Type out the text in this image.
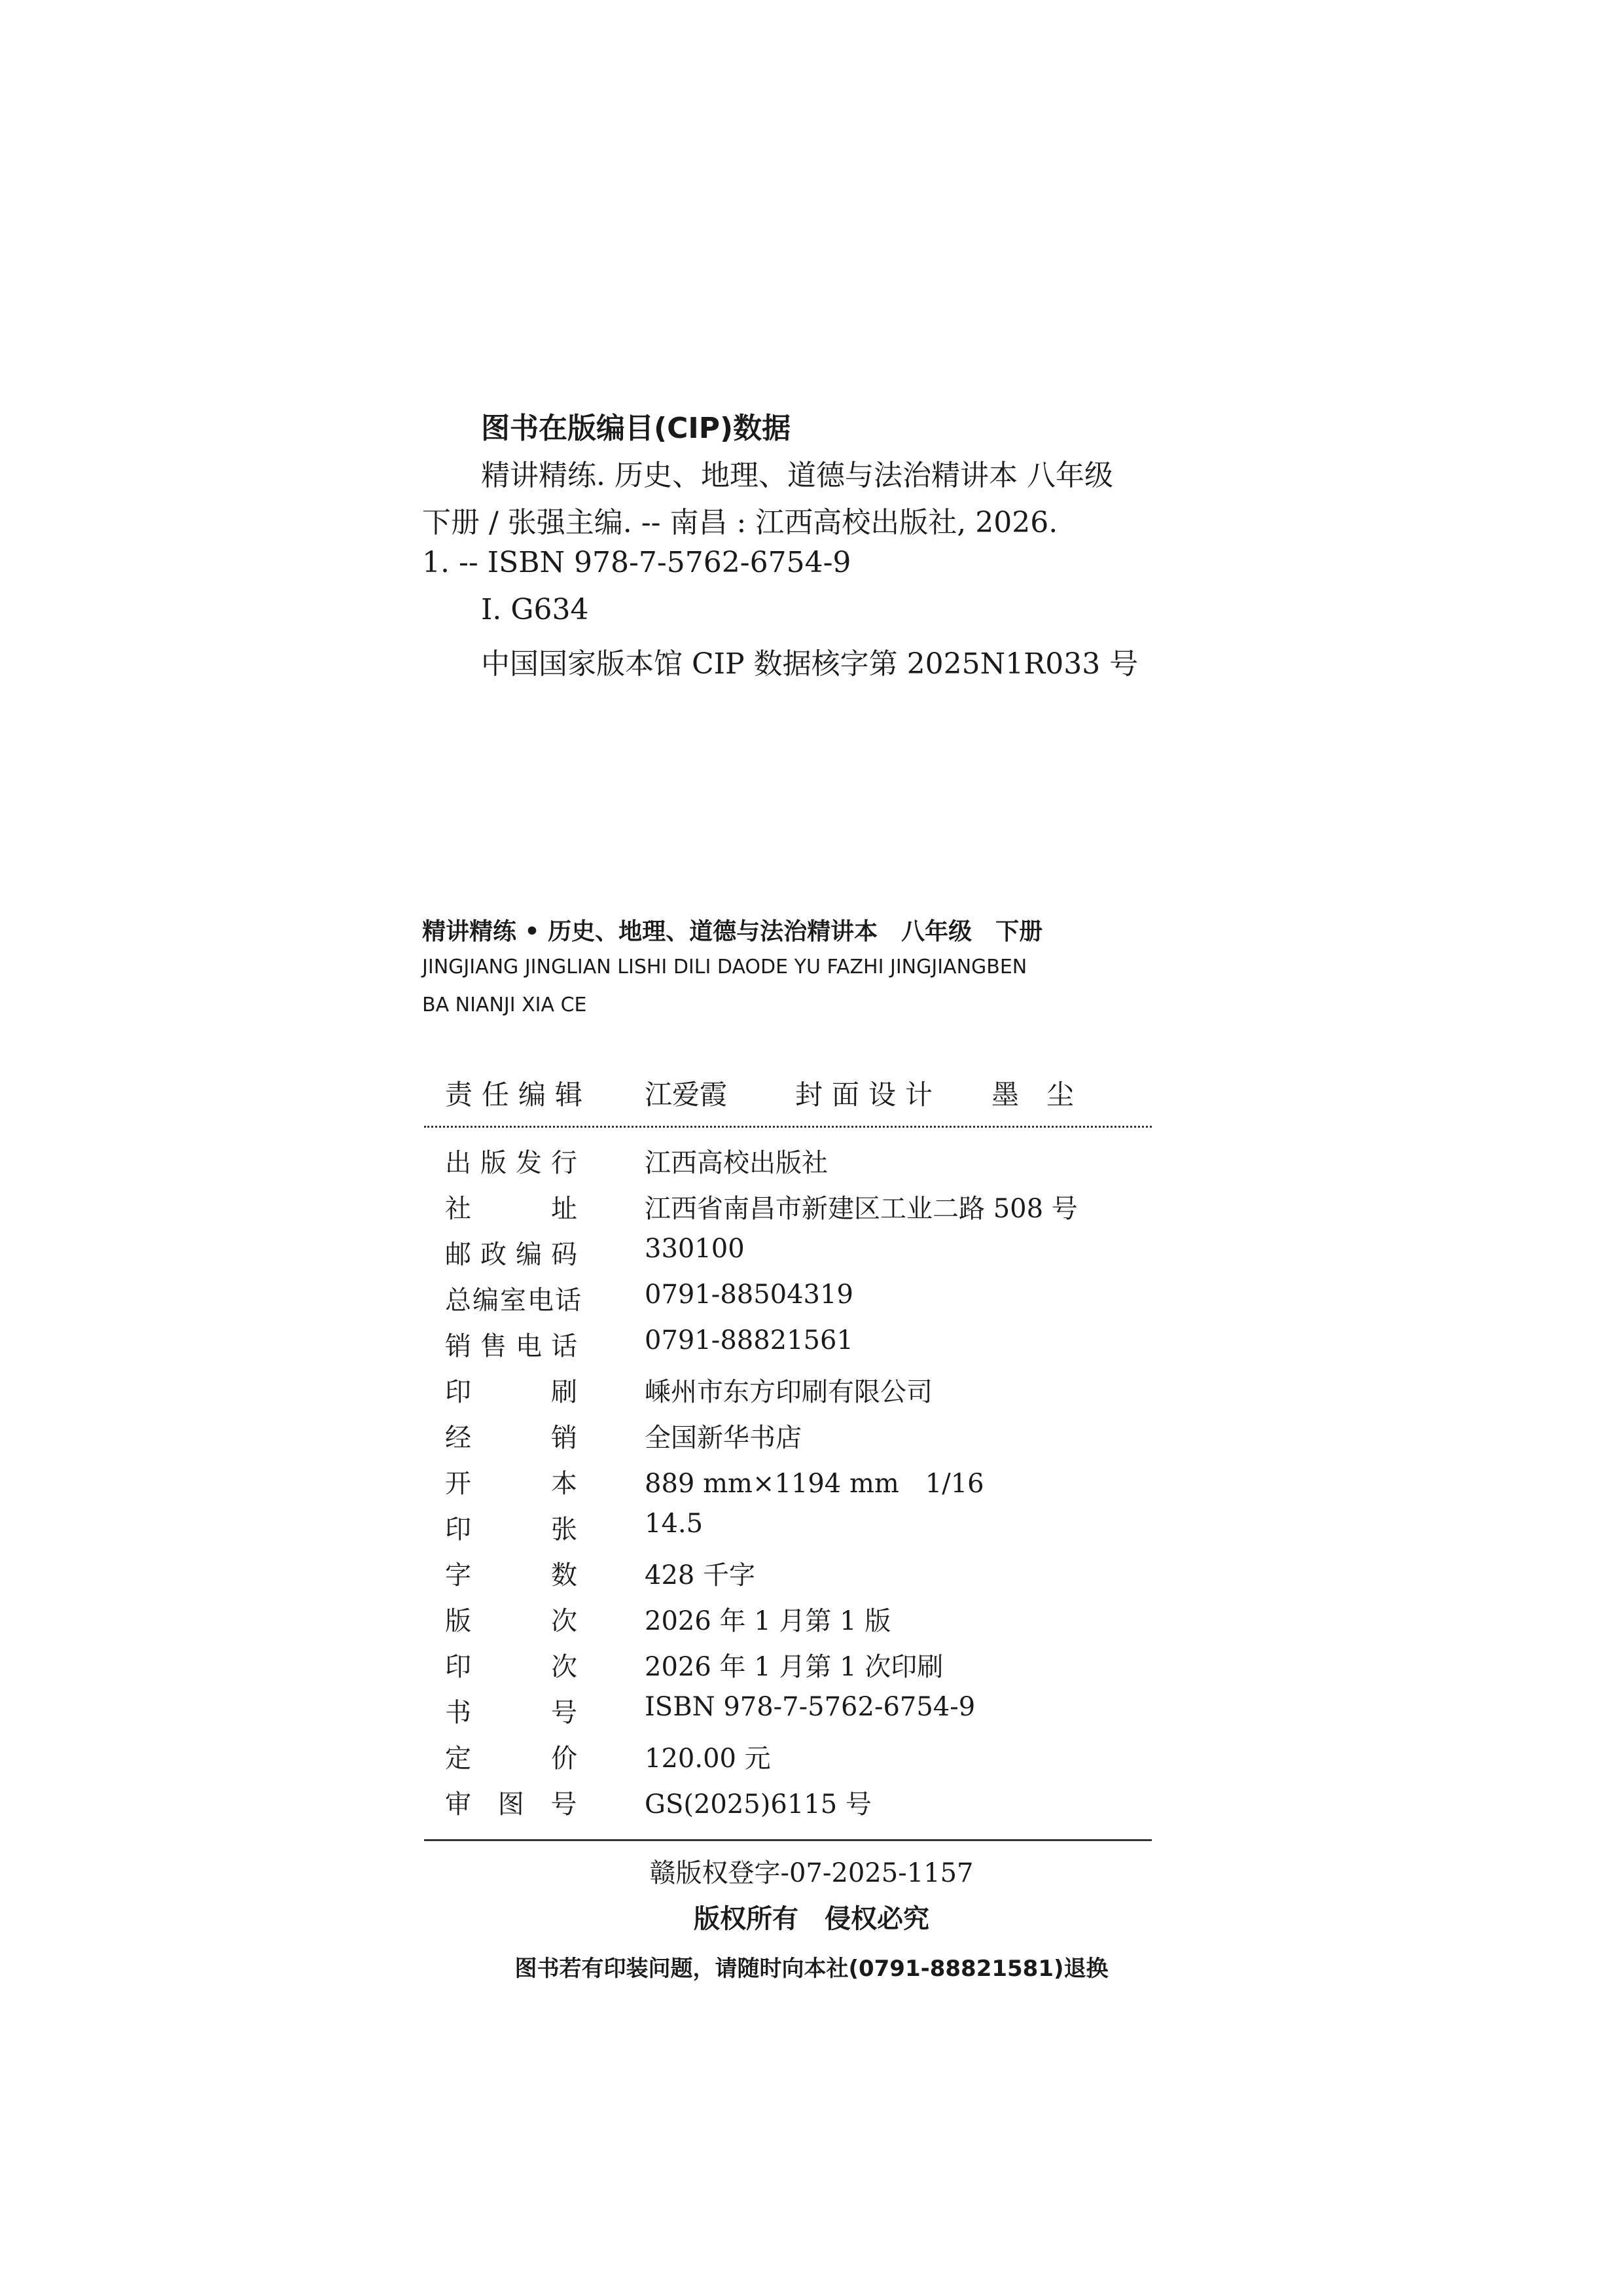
图书在版编目(CIP)数据
精讲精练. 历史、地理、道德与法治精讲本 八年级
下册 / 张强主编. -- 南昌 : 江西高校出版社, 2026.
1. -- ISBN 978-7-5762-6754-9
Ⅰ. G634
中国国家版本馆 CIP 数据核字第 2025N1R033 号
精讲精练 • 历史、地理、道德与法治精讲本　八年级　下册
JINGJIANG JINGLIAN LISHI DILI DAODE YU FAZHI JINGJIANGBEN
BA NIANJI XIA CE
责任编辑 江爱霞 封面设计 墨　尘
出版发行 江西高校出版社
社　　址 江西省南昌市新建区工业二路 508 号
邮政编码 330100
总编室电话 0791-88504319
销售电话 0791-88821561
印　　刷 嵊州市东方印刷有限公司
经　　销 全国新华书店
开　　本 889 mm×1194 mm　1/16
印　　张 14.5
字　　数 428 千字
版　　次 2026 年 1 月第 1 版
印　　次 2026 年 1 月第 1 次印刷
书　　号 ISBN 978-7-5762-6754-9
定　　价 120.00 元
审 图 号 GS(2025)6115 号
赣版权登字-07-2025-1157
版权所有　侵权必究
图书若有印装问题，请随时向本社(0791-88821581)退换
